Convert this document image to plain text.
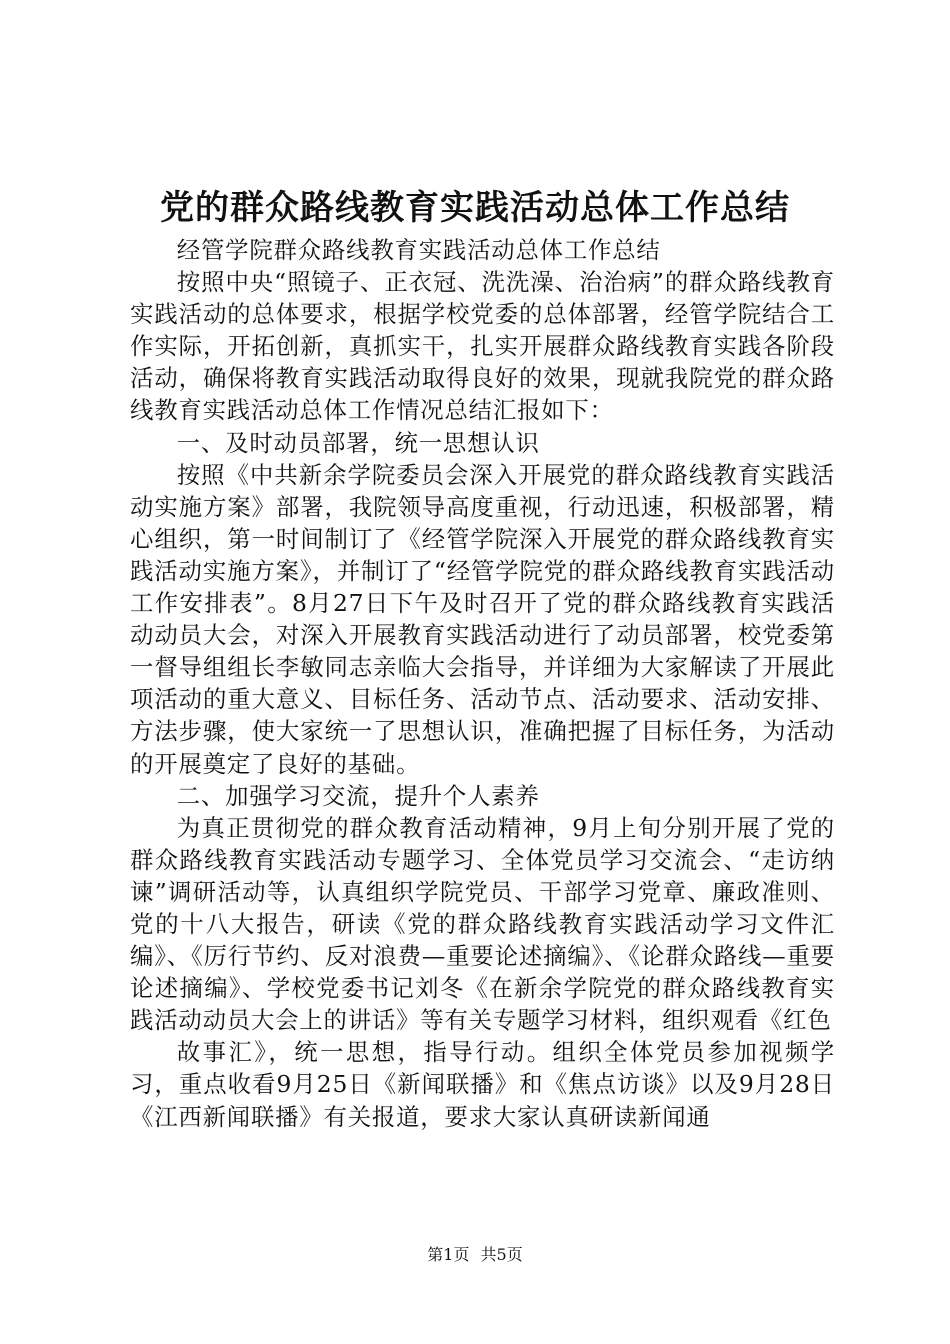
党的群众路线教育实践活动总体工作总结

经管学院群众路线教育实践活动总体工作总结

按照中央“照镜子、正衣冠、洗洗澡、治治病”的群众路线教育实践活动的总体要求，根据学校党委的总体部署，经管学院结合工作实际，开拓创新，真抓实干，扎实开展群众路线教育实践各阶段活动，确保将教育实践活动取得良好的效果，现就我院党的群众路线教育实践活动总体工作情况总结汇报如下：

一、及时动员部署，统一思想认识

按照《中共新余学院委员会深入开展党的群众路线教育实践活动实施方案》部署，我院领导高度重视，行动迅速，积极部署，精心组织，第一时间制订了《经管学院深入开展党的群众路线教育实践活动实施方案》，并制订了“经管学院党的群众路线教育实践活动工作安排表”。8月27日下午及时召开了党的群众路线教育实践活动动员大会，对深入开展教育实践活动进行了动员部署，校党委第一督导组组长李敏同志亲临大会指导，并详细为大家解读了开展此项活动的重大意义、目标任务、活动节点、活动要求、活动安排、方法步骤，使大家统一了思想认识，准确把握了目标任务，为活动的开展奠定了良好的基础。

二、加强学习交流，提升个人素养

为真正贯彻党的群众教育活动精神，9月上旬分别开展了党的群众路线教育实践活动专题学习、全体党员学习交流会、“走访纳谏”调研活动等，认真组织学院党员、干部学习党章、廉政准则、党的十八大报告，研读《党的群众路线教育实践活动学习文件汇编》、《厉行节约、反对浪费—重要论述摘编》、《论群众路线—重要论述摘编》、学校党委书记刘冬《在新余学院党的群众路线教育实践活动动员大会上的讲话》等有关专题学习材料，组织观看《红色

故事汇》，统一思想，指导行动。组织全体党员参加视频学习，重点收看9月25日《新闻联播》和《焦点访谈》以及9月28日《江西新闻联播》有关报道，要求大家认真研读新闻通

第1页 共5页
